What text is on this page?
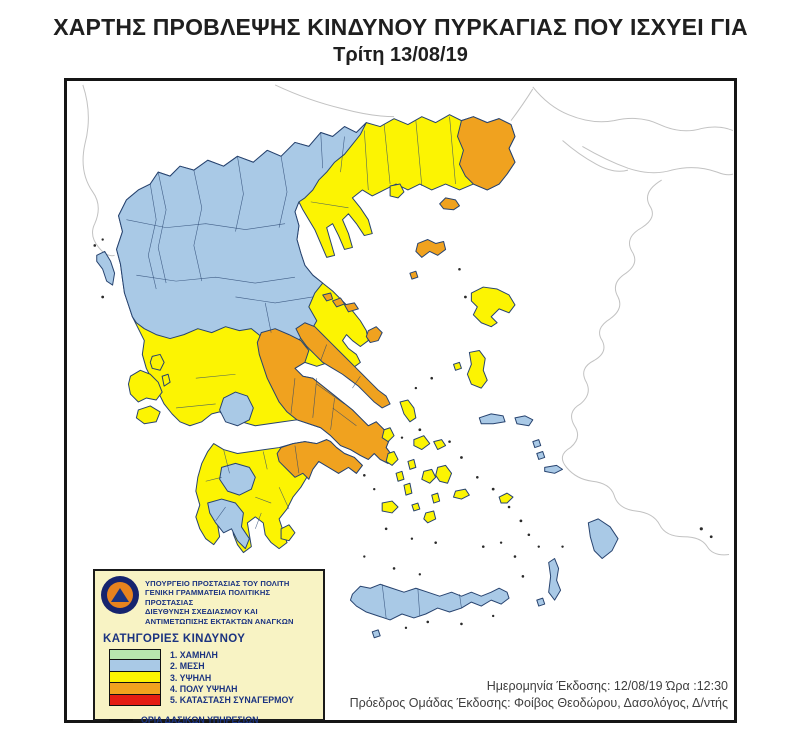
ΧΑΡΤΗΣ ΠΡΟΒΛΕΨΗΣ ΚΙΝΔΥΝΟΥ ΠΥΡΚΑΓΙΑΣ ΠΟΥ ΙΣΧΥΕΙ ΓΙΑ
Τρίτη 13/08/19
ΥΠΟΥΡΓΕΙΟ ΠΡΟΣΤΑΣΙΑΣ ΤΟΥ ΠΟΛΙΤΗ
ΓΕΝΙΚΗ ΓΡΑΜΜΑΤΕΙΑ ΠΟΛΙΤΙΚΗΣ ΠΡΟΣΤΑΣΙΑΣ
ΔΙΕΥΘΥΝΣΗ ΣΧΕΔΙΑΣΜΟΥ ΚΑΙ
ΑΝΤΙΜΕΤΩΠΙΣΗΣ ΕΚΤΑΚΤΩΝ ΑΝΑΓΚΩΝ
ΚΑΤΗΓΟΡΙΕΣ ΚΙΝΔΥΝΟΥ
1. ΧΑΜΗΛΗ
2. ΜΕΣΗ
3. ΥΨΗΛΗ
4. ΠΟΛΥ ΥΨΗΛΗ
5. ΚΑΤΑΣΤΑΣΗ ΣΥΝΑΓΕΡΜΟΥ
ΟΡΙΑ ΔΑΣΙΚΩΝ ΥΠΗΡΕΣΙΩΝ
Ημερομηνία Έκδοσης: 12/08/19 Ώρα :12:30
Πρόεδρος Ομάδας Έκδοσης: Φοίβος Θεοδώρου, Δασολόγος, Δ/ντής
